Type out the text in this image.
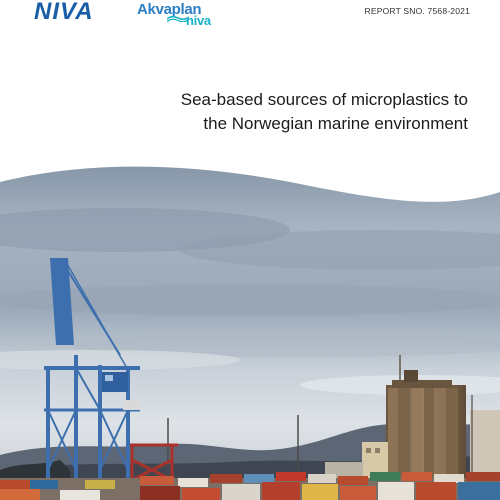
NIVA	Akvaplan
niva
REPORT SNO. 7568-2021
Sea-based sources of microplastics to
the Norwegian marine environment
